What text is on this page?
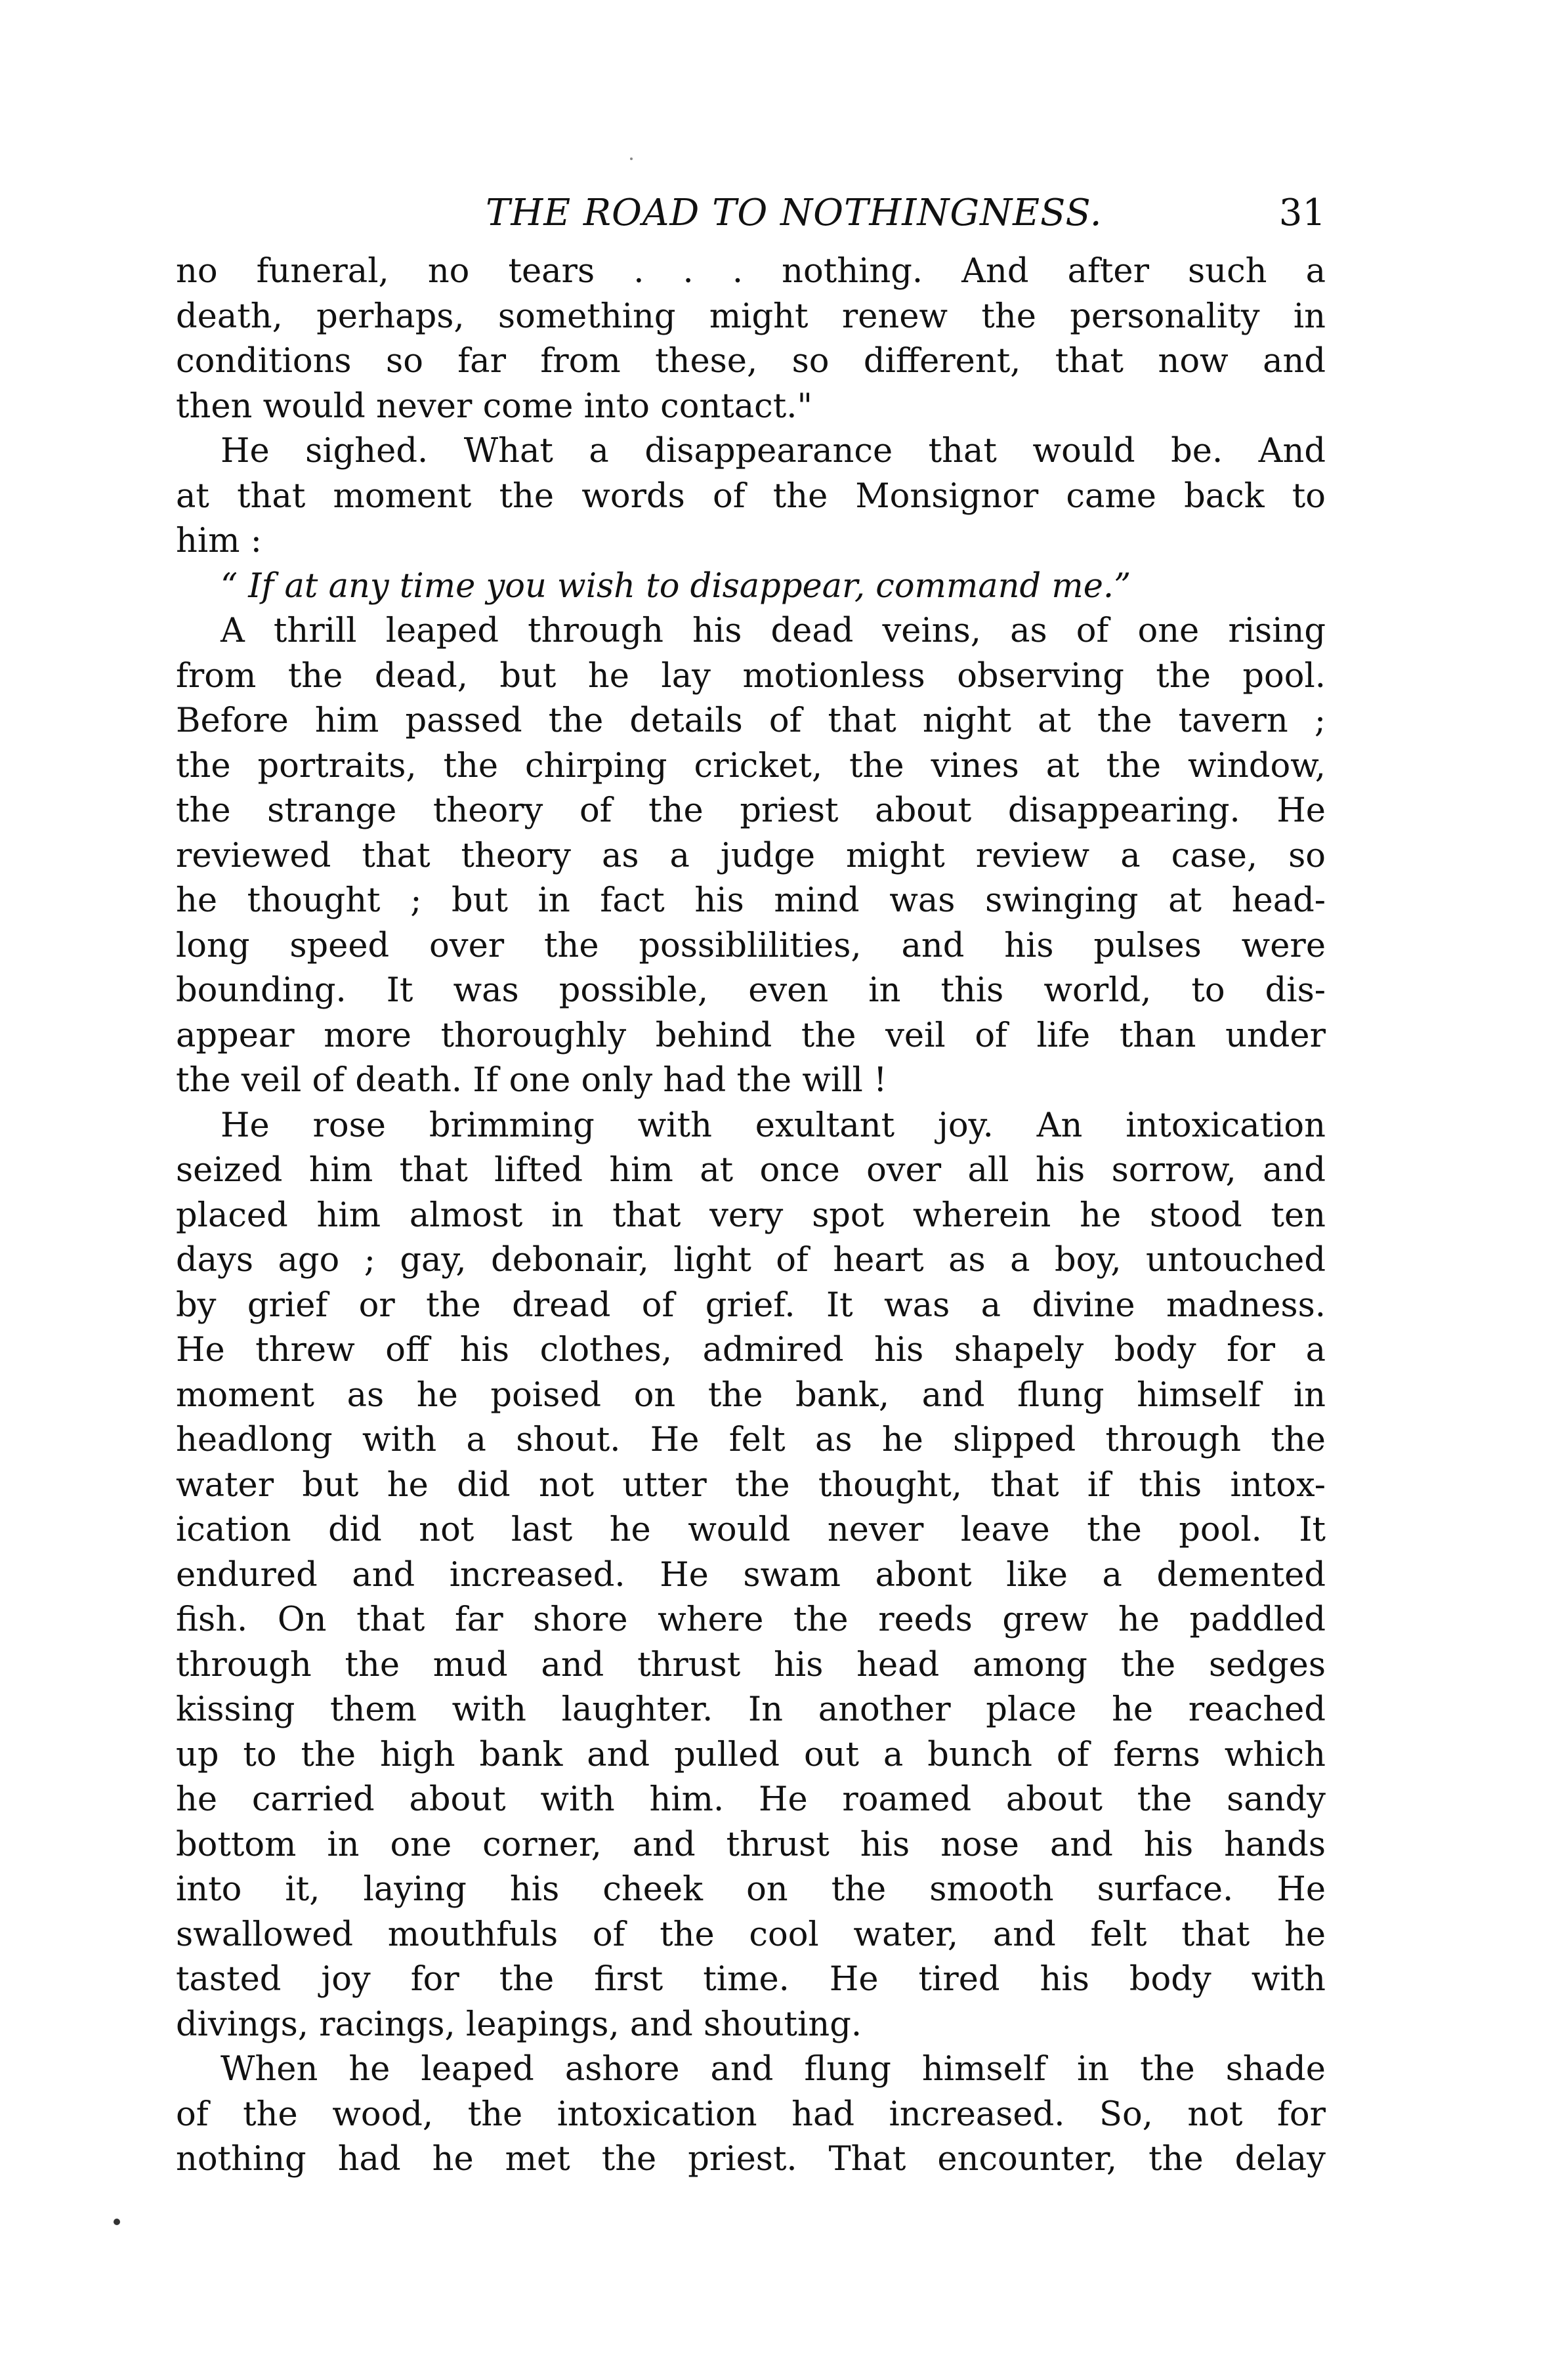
THE ROAD TO NOTHINGNESS.	31
no funeral, no tears . . . nothing. And after such a
death, perhaps, something might renew the personality in
conditions so far from these, so different, that now and
then would never come into contact."
He sighed. What a disappearance that would be. And
at that moment the words of the Monsignor came back to
him :
“ If at any time you wish to disappear, command me.”
A thrill leaped through his dead veins, as of one rising
from the dead, but he lay motionless observing the pool.
Before him passed the details of that night at the tavern ;
the portraits, the chirping cricket, the vines at the window,
the strange theory of the priest about disappearing. He
reviewed that theory as a judge might review a case, so
he thought ; but in fact his mind was swinging at head-
long speed over the possiblilities, and his pulses were
bounding. It was possible, even in this world, to dis-
appear more thoroughly behind the veil of life than under
the veil of death. If one only had the will !
He rose brimming with exultant joy. An intoxication
seized him that lifted him at once over all his sorrow, and
placed him almost in that very spot wherein he stood ten
days ago ; gay, debonair, light of heart as a boy, untouched
by grief or the dread of grief. It was a divine madness.
He threw off his clothes, admired his shapely body for a
moment as he poised on the bank, and flung himself in
headlong with a shout. He felt as he slipped through the
water but he did not utter the thought, that if this intox-
ication did not last he would never leave the pool. It
endured and increased. He swam abont like a demented
fish. On that far shore where the reeds grew he paddled
through the mud and thrust his head among the sedges
kissing them with laughter. In another place he reached
up to the high bank and pulled out a bunch of ferns which
he carried about with him. He roamed about the sandy
bottom in one corner, and thrust his nose and his hands
into it, laying his cheek on the smooth surface. He
swallowed mouthfuls of the cool water, and felt that he
tasted joy for the first time. He tired his body with
divings, racings, leapings, and shouting.
When he leaped ashore and flung himself in the shade
of the wood, the intoxication had increased. So, not for
nothing had he met the priest. That encounter, the delay
